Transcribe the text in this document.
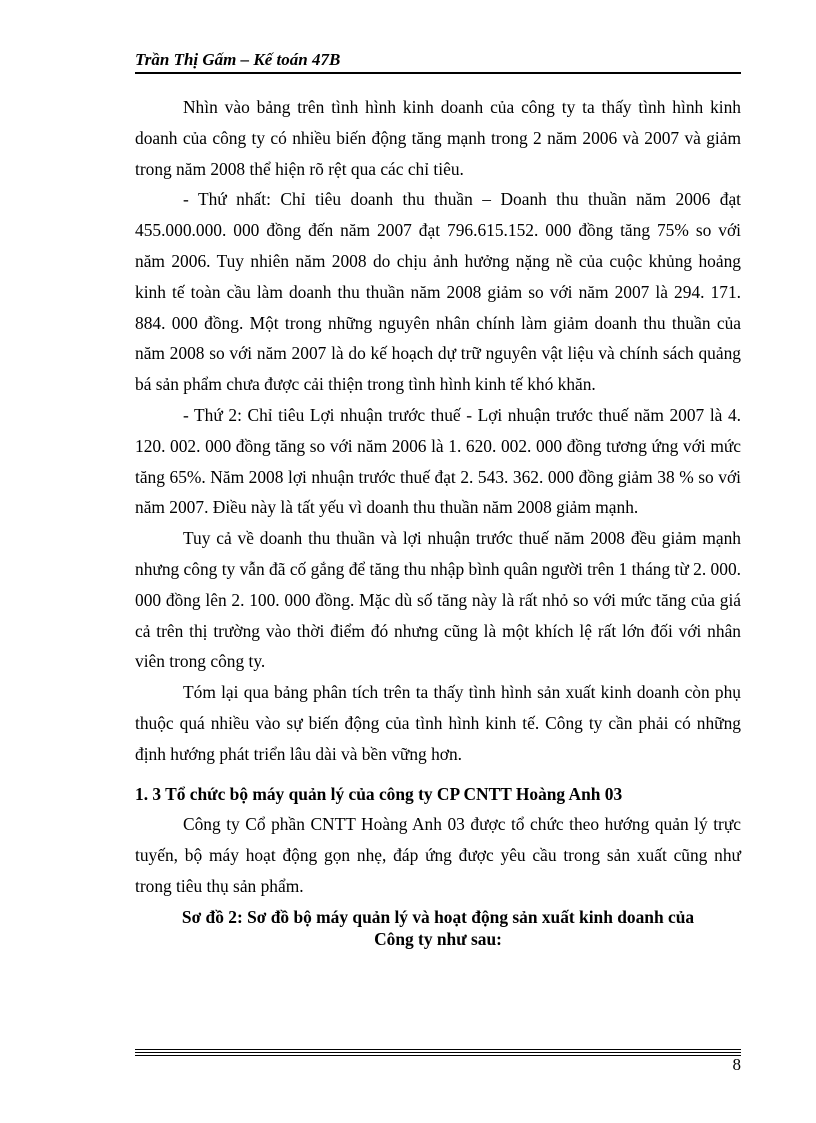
Trần Thị Gấm – Kế toán 47B

Nhìn vào bảng trên tình hình kinh doanh của công ty ta thấy tình hình kinh doanh của công ty có nhiều biến động tăng mạnh trong 2 năm 2006 và 2007 và giảm trong năm 2008 thể hiện rõ rệt qua các chỉ tiêu.

- Thứ nhất: Chỉ tiêu doanh thu thuần – Doanh thu thuần năm 2006 đạt 455.000.000. 000 đồng đến năm 2007 đạt 796.615.152. 000 đồng tăng 75% so với năm 2006. Tuy nhiên năm 2008 do chịu ảnh hưởng nặng nề của cuộc khủng hoảng kinh tế toàn cầu làm doanh thu thuần năm 2008 giảm so với năm 2007 là 294. 171. 884. 000 đồng. Một trong những nguyên nhân chính làm giảm doanh thu thuần của năm 2008 so với năm 2007 là do kế hoạch dự trữ nguyên vật liệu và chính sách quảng bá sản phẩm chưa được cải thiện trong tình hình kinh tế khó khăn.

- Thứ 2: Chỉ tiêu Lợi nhuận trước thuế - Lợi nhuận trước thuế năm 2007 là 4. 120. 002. 000 đồng tăng so với năm 2006 là 1. 620. 002. 000 đồng tương ứng với mức tăng 65%. Năm 2008 lợi nhuận trước thuế đạt 2. 543. 362. 000 đồng giảm 38 % so với năm 2007. Điều này là tất yếu vì doanh thu thuần năm 2008 giảm mạnh.

Tuy cả về doanh thu thuần và lợi nhuận trước thuế năm 2008 đều giảm mạnh nhưng công ty vẫn đã cố gắng để tăng thu nhập bình quân người trên 1 tháng từ 2. 000. 000 đồng lên 2. 100. 000 đồng. Mặc dù số tăng này là rất nhỏ so với mức tăng của giá cả trên thị trường vào thời điểm đó nhưng cũng là một khích lệ rất lớn đối với nhân viên trong công ty.

Tóm lại qua bảng phân tích trên ta thấy tình hình sản xuất kinh doanh còn phụ thuộc quá nhiều vào sự biến động của tình hình kinh tế. Công ty cần phải có những định hướng phát triển lâu dài và bền vững hơn.

1. 3 Tổ chức bộ máy quản lý của công ty CP CNTT Hoàng Anh 03

Công ty Cổ phần CNTT Hoàng Anh 03 được tổ chức theo hướng quản lý trực tuyến, bộ máy hoạt động gọn nhẹ, đáp ứng được yêu cầu trong sản xuất cũng như trong tiêu thụ sản phẩm.

Sơ đồ 2: Sơ đồ bộ máy quản lý và hoạt động sản xuất kinh doanh của
Công ty như sau:

8
